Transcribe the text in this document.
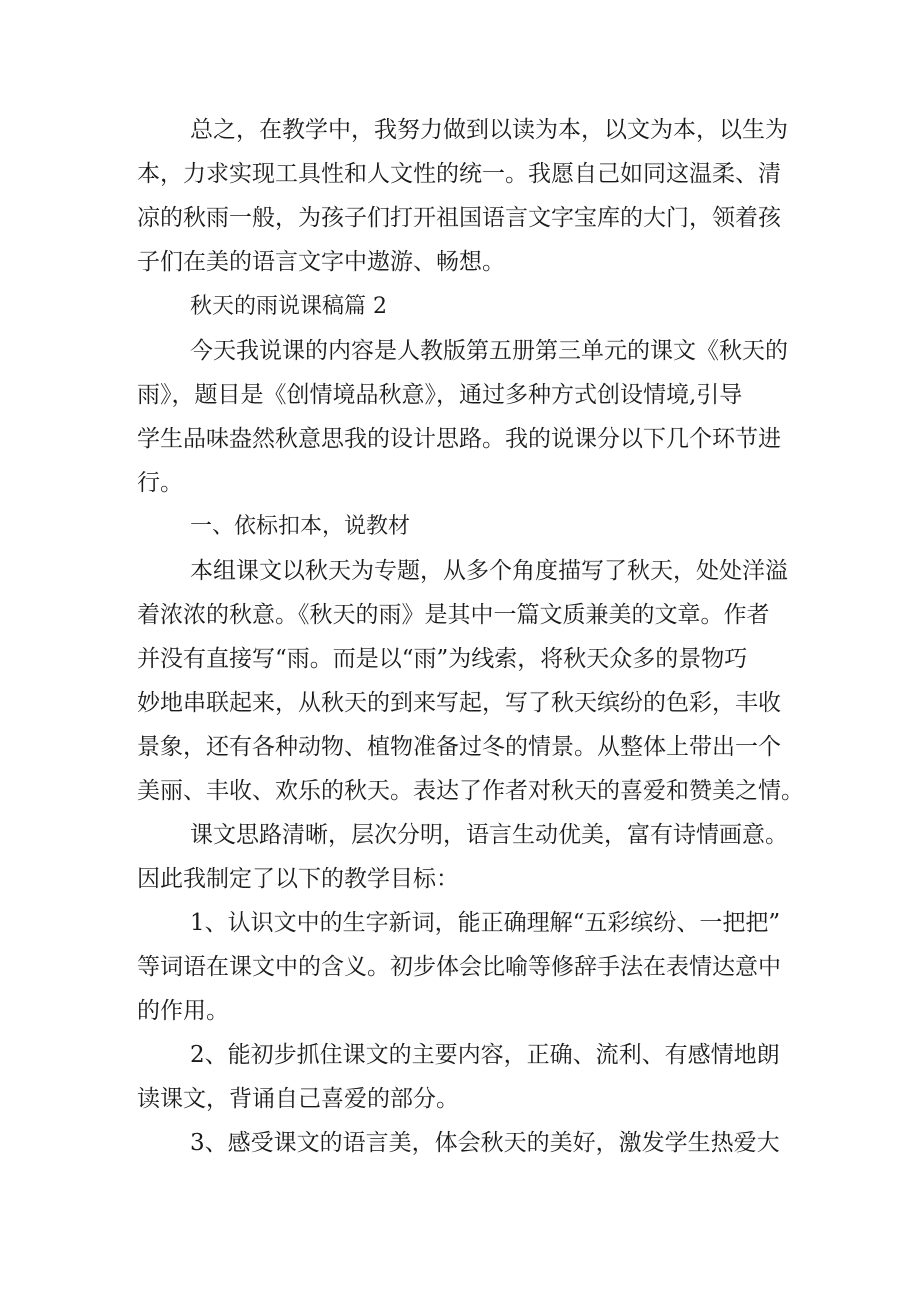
总之，在教学中，我努力做到以读为本，以文为本，以生为

本，力求实现工具性和人文性的统一。我愿自己如同这温柔、清

凉的秋雨一般，为孩子们打开祖国语言文字宝库的大门，领着孩

子们在美的语言文字中遨游、畅想。

秋天的雨说课稿篇 2

今天我说课的内容是人教版第五册第三单元的课文《秋天的

雨》，题目是《创情境品秋意》，通过多种方式创设情境,引导

学生品味盎然秋意思我的设计思路。我的说课分以下几个环节进

行。

一、依标扣本，说教材

本组课文以秋天为专题，从多个角度描写了秋天，处处洋溢

着浓浓的秋意。《秋天的雨》是其中一篇文质兼美的文章。作者

并没有直接写“雨。而是以“雨”为线索，将秋天众多的景物巧

妙地串联起来，从秋天的到来写起，写了秋天缤纷的色彩，丰收

景象，还有各种动物、植物准备过冬的情景。从整体上带出一个

美丽、丰收、欢乐的秋天。表达了作者对秋天的喜爱和赞美之情。

课文思路清晰，层次分明，语言生动优美，富有诗情画意。

因此我制定了以下的教学目标：

1、认识文中的生字新词，能正确理解“五彩缤纷、一把把”

等词语在课文中的含义。初步体会比喻等修辞手法在表情达意中

的作用。

2、能初步抓住课文的主要内容，正确、流利、有感情地朗

读课文，背诵自己喜爱的部分。

3、感受课文的语言美，体会秋天的美好，激发学生热爱大
